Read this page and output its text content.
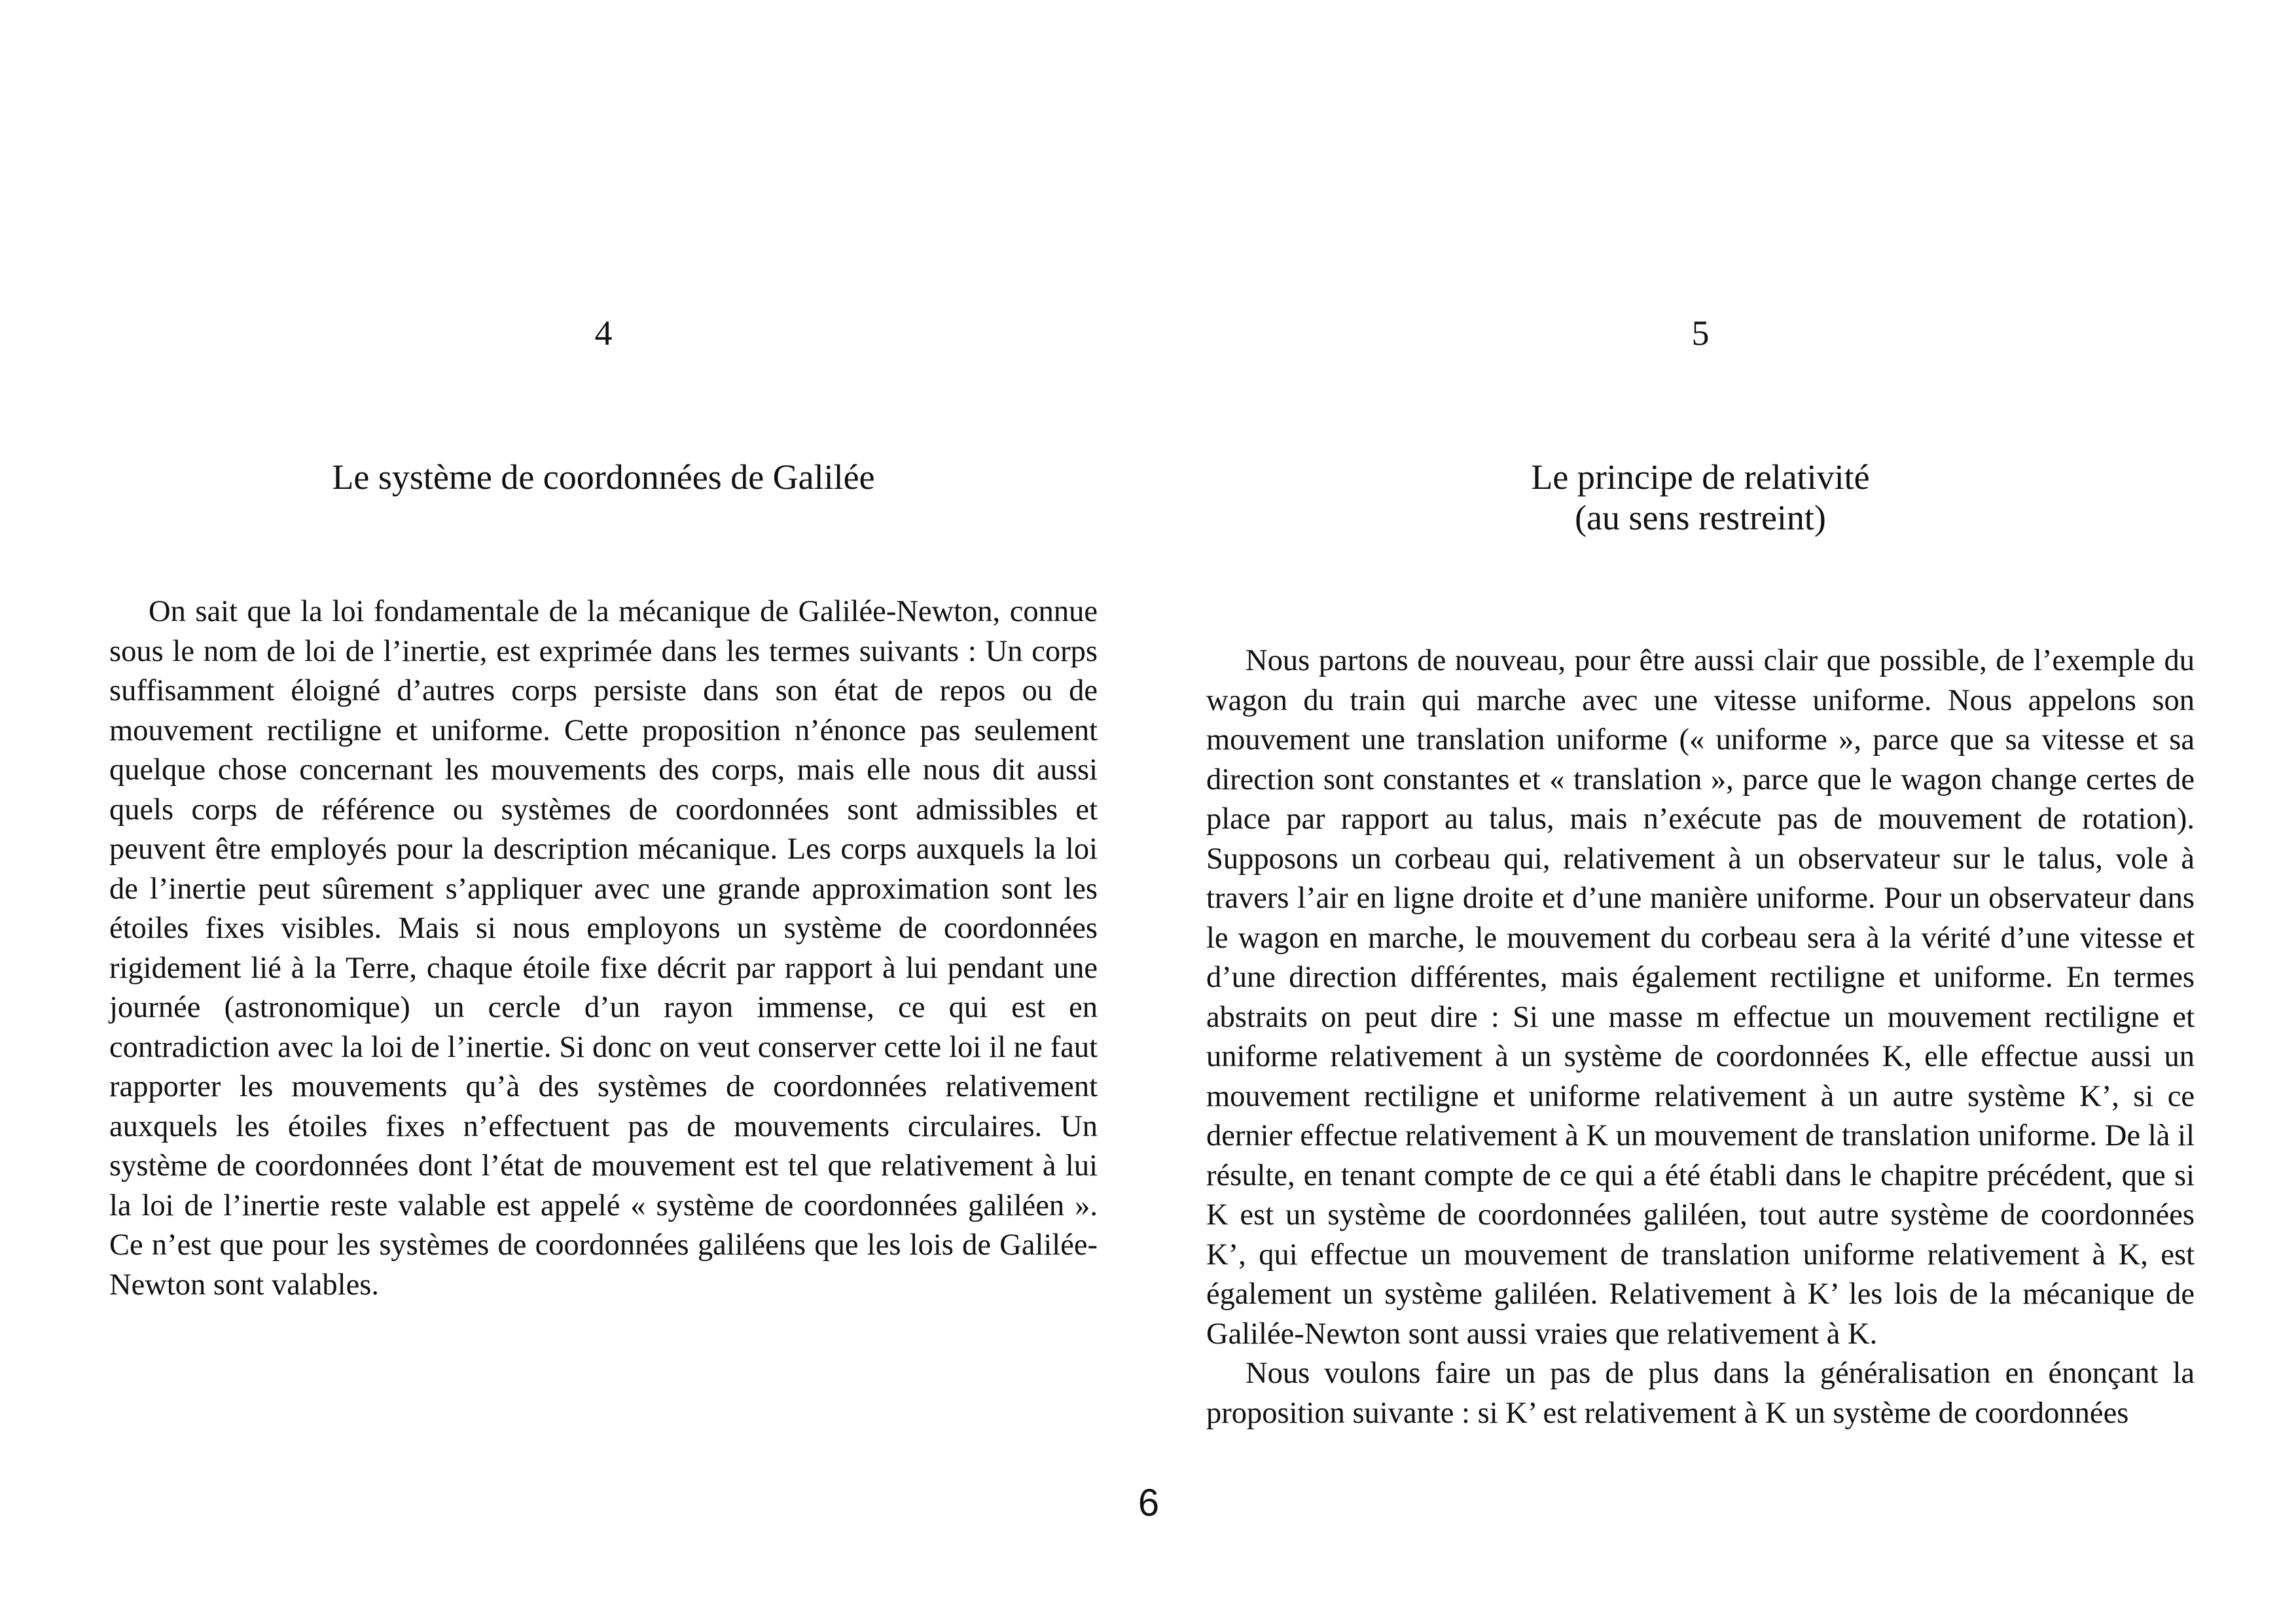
4
Le système de coordonnées de Galilée

On sait que la loi fondamentale de la mécanique de Galilée-Newton, connue sous le nom de loi de l’inertie, est exprimée dans les termes suivants : Un corps suffisamment éloigné d’autres corps persiste dans son état de repos ou de mouvement rectiligne et uniforme. Cette proposition n’énonce pas seulement quelque chose concernant les mouvements des corps, mais elle nous dit aussi quels corps de référence ou systèmes de coordonnées sont admissibles et peuvent être employés pour la description mécanique. Les corps auxquels la loi de l’inertie peut sûrement s’appliquer avec une grande approximation sont les étoiles fixes visibles. Mais si nous employons un système de coordonnées rigidement lié à la Terre, chaque étoile fixe décrit par rapport à lui pendant une journée (astronomique) un cercle d’un rayon immense, ce qui est en contradiction avec la loi de l’inertie. Si donc on veut conserver cette loi il ne faut rapporter les mouvements qu’à des systèmes de coordonnées relativement auxquels les étoiles fixes n’effectuent pas de mouvements circulaires. Un système de coordonnées dont l’état de mouvement est tel que relativement à lui la loi de l’inertie reste valable est appelé « système de coordonnées galiléen ». Ce n’est que pour les systèmes de coordonnées galiléens que les lois de Galilée-Newton sont valables.

5
Le principe de relativité
(au sens restreint)

Nous partons de nouveau, pour être aussi clair que possible, de l’exemple du wagon du train qui marche avec une vitesse uniforme. Nous appelons son mouvement une translation uniforme (« uniforme », parce que sa vitesse et sa direction sont constantes et « translation », parce que le wagon change certes de place par rapport au talus, mais n’exécute pas de mouvement de rotation). Supposons un corbeau qui, relativement à un observateur sur le talus, vole à travers l’air en ligne droite et d’une manière uniforme. Pour un observateur dans le wagon en marche, le mouvement du corbeau sera à la vérité d’une vitesse et d’une direction différentes, mais également rectiligne et uniforme. En termes abstraits on peut dire : Si une masse m effectue un mouvement rectiligne et uniforme relativement à un système de coordonnées K, elle effectue aussi un mouvement rectiligne et uniforme relativement à un autre système K’, si ce dernier effectue relativement à K un mouvement de translation uniforme. De là il résulte, en tenant compte de ce qui a été établi dans le chapitre précédent, que si K est un système de coordonnées galiléen, tout autre système de coordonnées K’, qui effectue un mouvement de translation uniforme relativement à K, est également un système galiléen. Relativement à K’ les lois de la mécanique de Galilée-Newton sont aussi vraies que relativement à K.

Nous voulons faire un pas de plus dans la généralisation en énonçant la proposition suivante : si K’ est relativement à K un système de coordonnées

6
